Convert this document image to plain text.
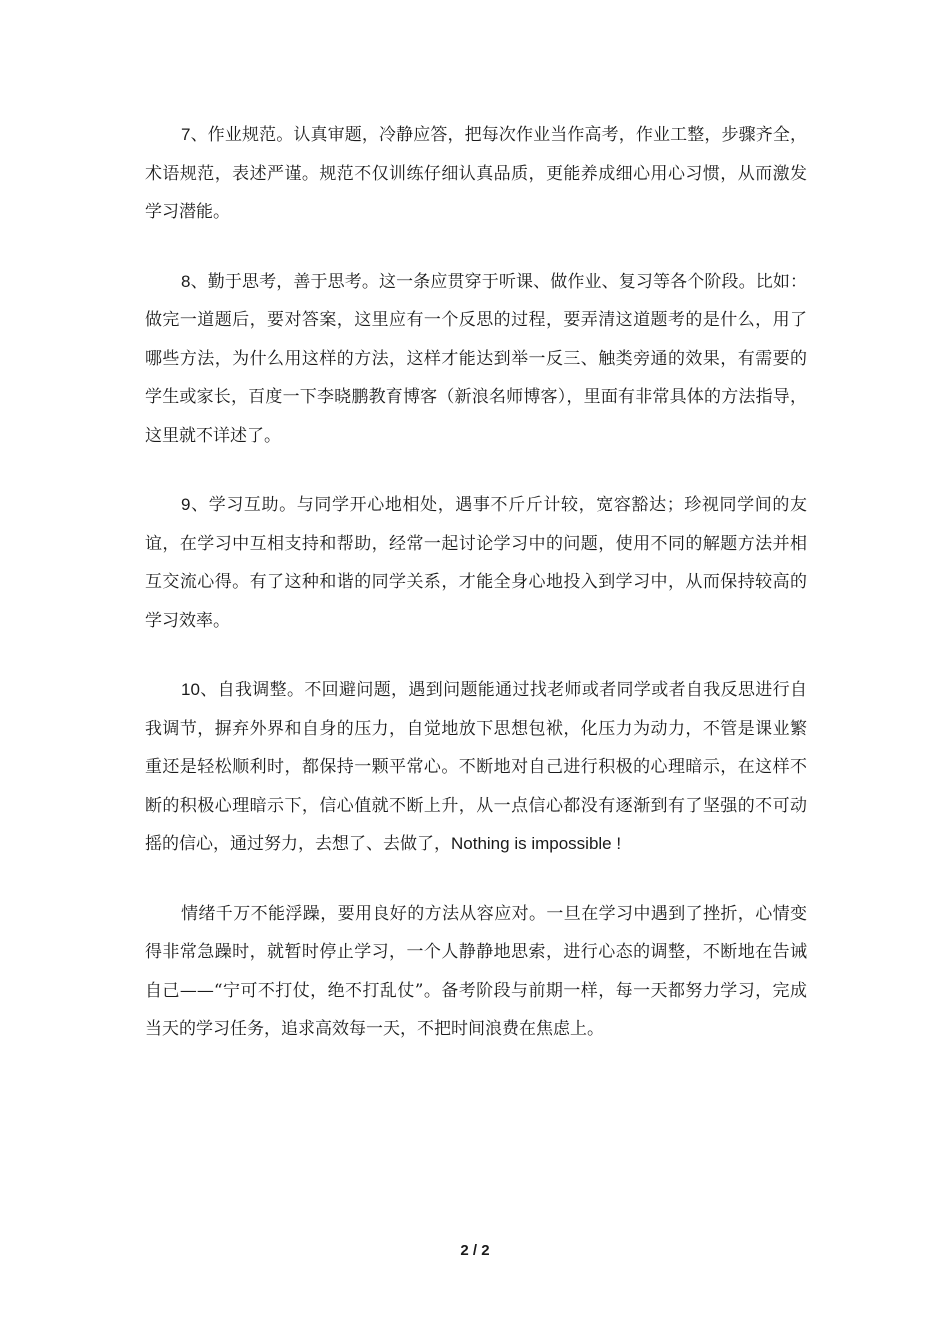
7、作业规范。认真审题，冷静应答，把每次作业当作高考，作业工整，步骤齐全，术语规范，表述严谨。规范不仅训练仔细认真品质，更能养成细心用心习惯，从而激发学习潜能。

8、勤于思考，善于思考。这一条应贯穿于听课、做作业、复习等各个阶段。比如：做完一道题后，要对答案，这里应有一个反思的过程，要弄清这道题考的是什么，用了哪些方法，为什么用这样的方法，这样才能达到举一反三、触类旁通的效果，有需要的学生或家长，百度一下李晓鹏教育博客（新浪名师博客），里面有非常具体的方法指导，这里就不详述了。

9、学习互助。与同学开心地相处，遇事不斤斤计较，宽容豁达；珍视同学间的友谊，在学习中互相支持和帮助，经常一起讨论学习中的问题，使用不同的解题方法并相互交流心得。有了这种和谐的同学关系，才能全身心地投入到学习中，从而保持较高的学习效率。

10、自我调整。不回避问题，遇到问题能通过找老师或者同学或者自我反思进行自我调节，摒弃外界和自身的压力，自觉地放下思想包袱，化压力为动力，不管是课业繁重还是轻松顺利时，都保持一颗平常心。不断地对自己进行积极的心理暗示，在这样不断的积极心理暗示下，信心值就不断上升，从一点信心都没有逐渐到有了坚强的不可动摇的信心，通过努力，去想了、去做了，Nothing is impossible !

情绪千万不能浮躁，要用良好的方法从容应对。一旦在学习中遇到了挫折，心情变得非常急躁时，就暂时停止学习，一个人静静地思索，进行心态的调整，不断地在告诫自己——“宁可不打仗，绝不打乱仗”。备考阶段与前期一样，每一天都努力学习，完成当天的学习任务，追求高效每一天，不把时间浪费在焦虑上。

2 / 2
